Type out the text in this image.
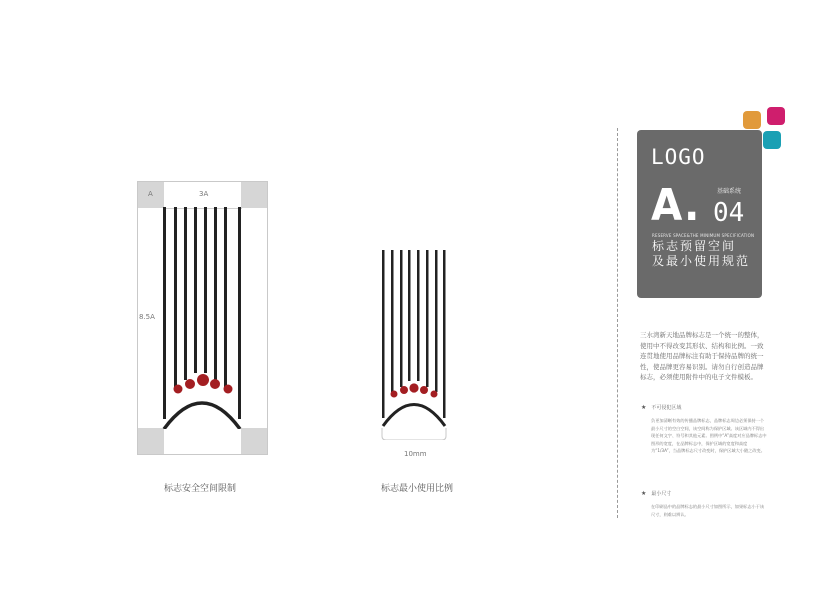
A	3A
8.5A
标志安全空间限制
10mm
标志最小使用比例
LOGO
A.	基础系统
04
RESERVE SPACE&THE MINIMUM SPECIFICATION
标志预留空间
及最小使用规范
三水湾新天地品牌标志是一个统一的整体，使用中不得改变其形状、结构和比例。一致连贯地使用品牌标注有助于保持品牌的统一性，使品牌更容易识别。请勿自行创造品牌标志，必须使用附件中的电子文件模板。
★ 不可侵犯区域
负更加清晰有效的传播品牌标志，品牌标志周边必须保持一个最小尺寸的空白空间，该空间称为保护区域。该区域内不得出现任何文字、符号和其他元素。图例中“A”高度对应品牌标志中图形的宽度，在品牌标志中，保护区域的宽度和高度为“1/3A”，当品牌标志尺寸改变时，保护区域大小随之改变。
★ 最小尺寸
在印刷品中的品牌标志的最小尺寸如图所示，如果标志小于该尺寸，则难以辨认。
